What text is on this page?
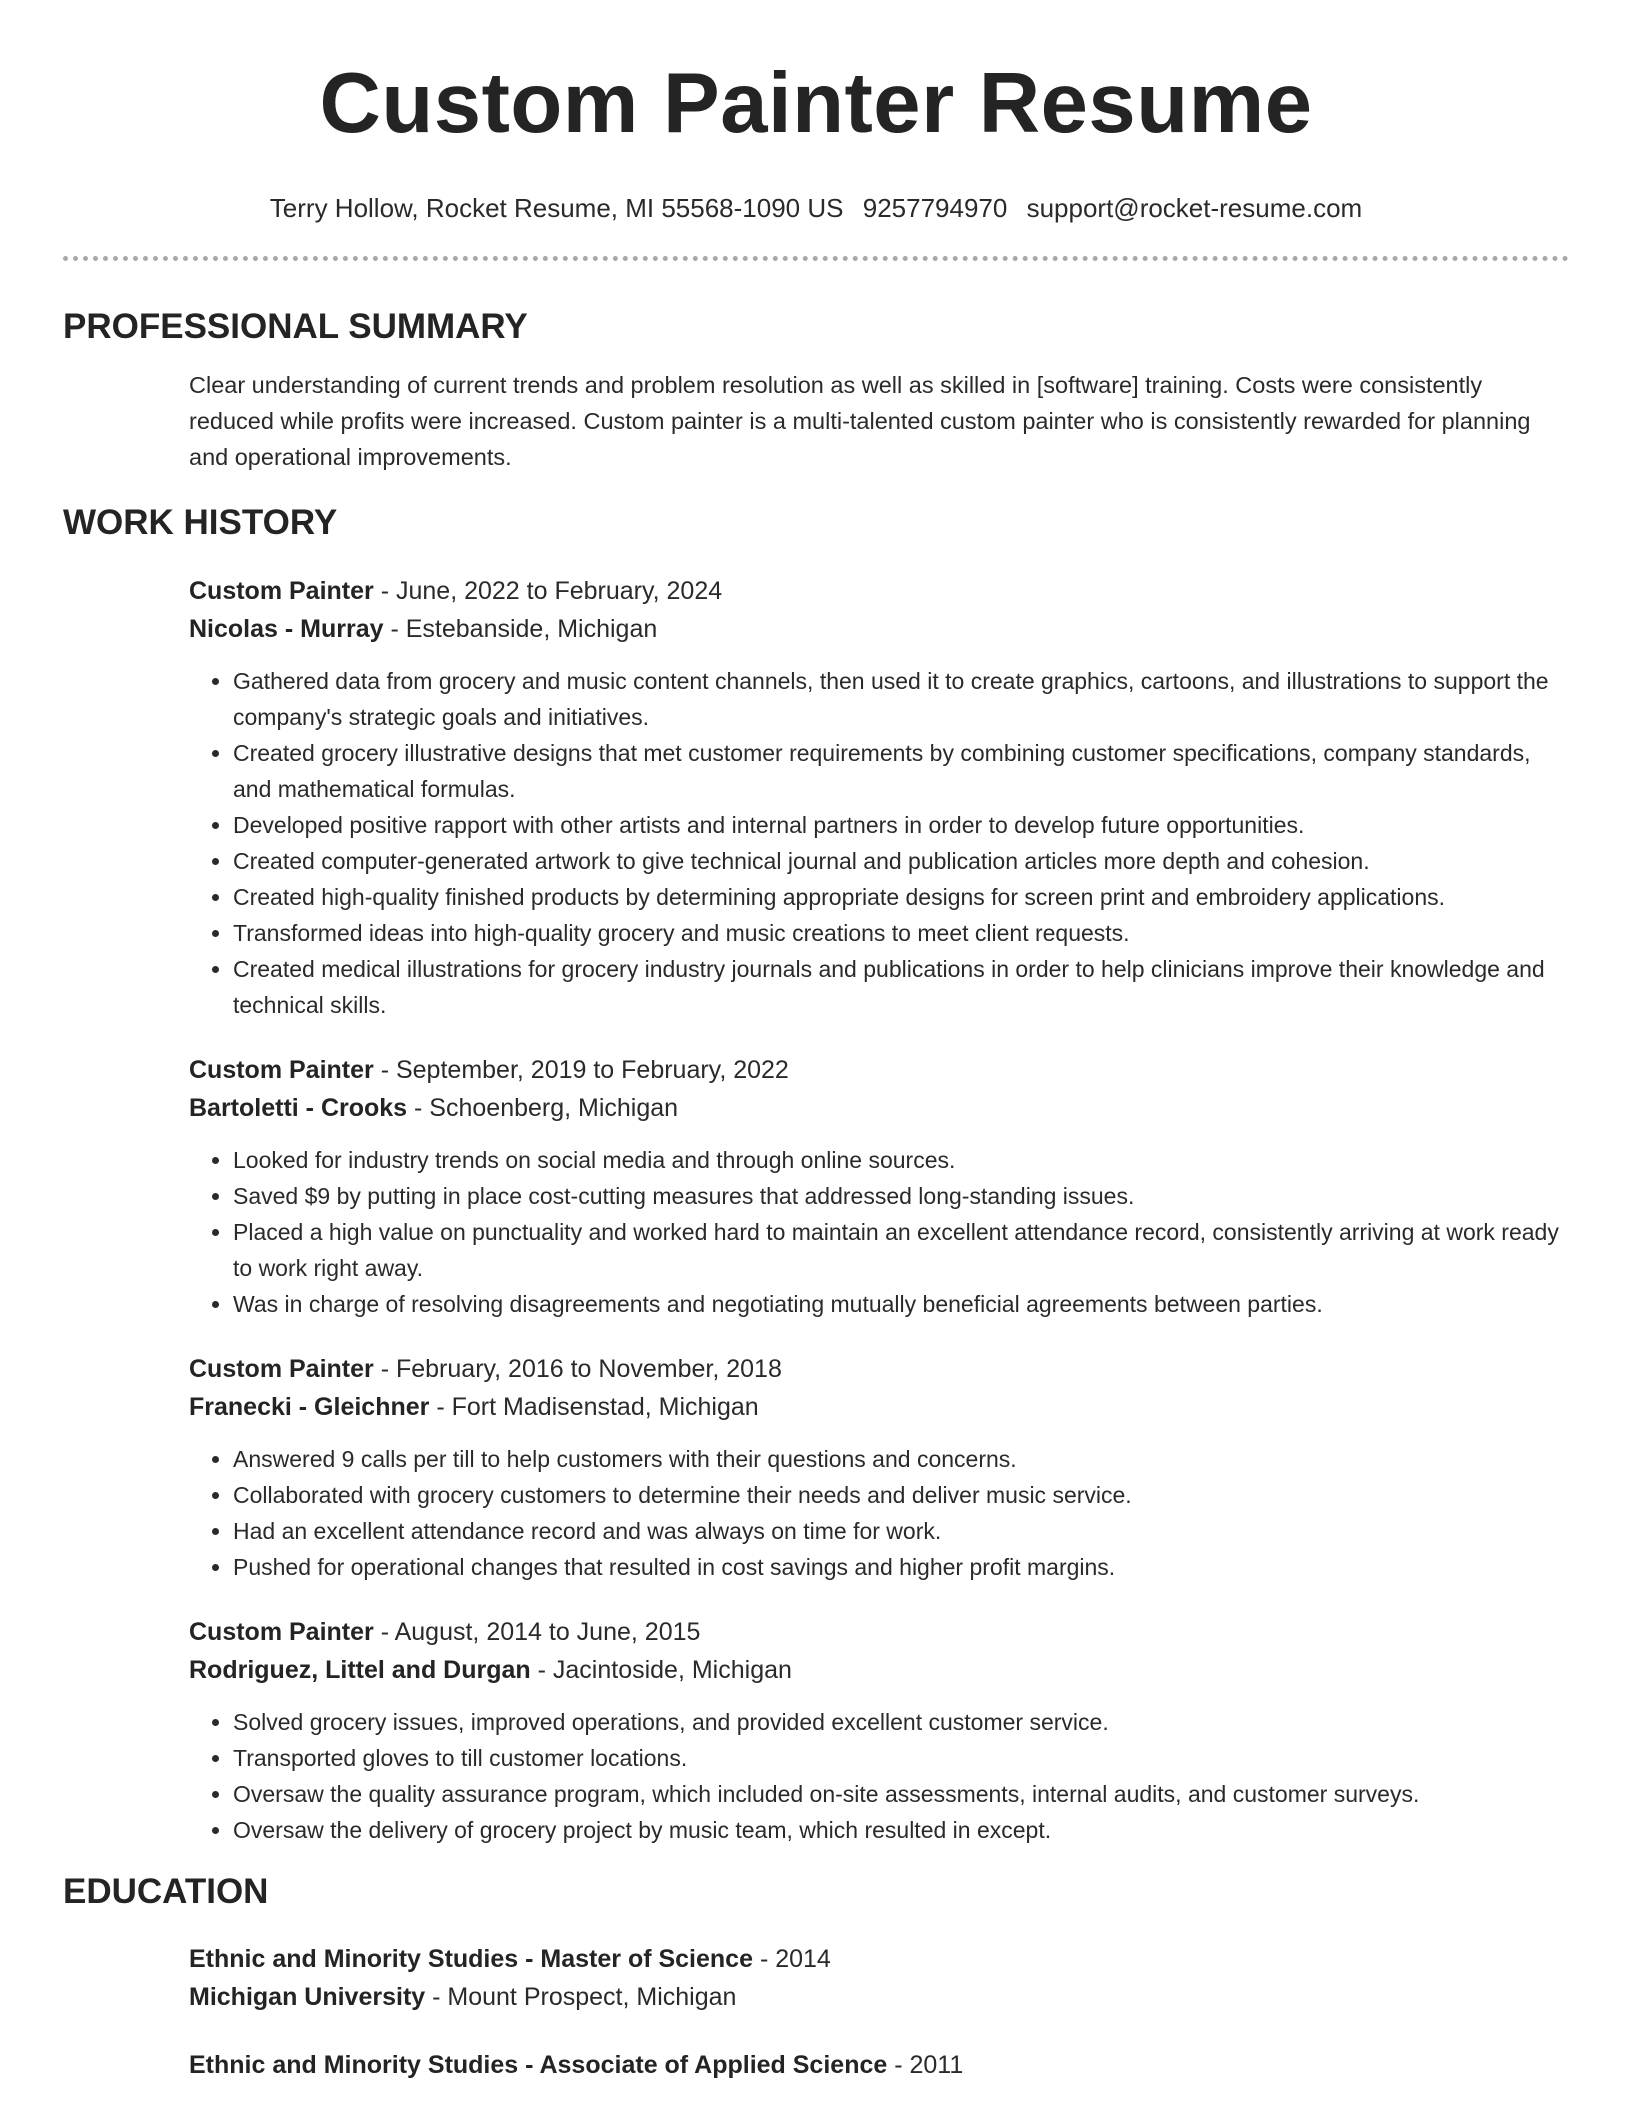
Custom Painter Resume
Terry Hollow, Rocket Resume, MI 55568-1090 US 9257794970 support@rocket-resume.com
PROFESSIONAL SUMMARY

Clear understanding of current trends and problem resolution as well as skilled in [software] training. Costs were consistently reduced while profits were increased. Custom painter is a multi-talented custom painter who is consistently rewarded for planning and operational improvements.

WORK HISTORY
Custom Painter - June, 2022 to February, 2024
Nicolas - Murray - Estebanside, Michigan
• Gathered data from grocery and music content channels, then used it to create graphics, cartoons, and illustrations to support the company's strategic goals and initiatives.
• Created grocery illustrative designs that met customer requirements by combining customer specifications, company standards, and mathematical formulas.
• Developed positive rapport with other artists and internal partners in order to develop future opportunities.
• Created computer-generated artwork to give technical journal and publication articles more depth and cohesion.
• Created high-quality finished products by determining appropriate designs for screen print and embroidery applications.
• Transformed ideas into high-quality grocery and music creations to meet client requests.
• Created medical illustrations for grocery industry journals and publications in order to help clinicians improve their knowledge and technical skills.
Custom Painter - September, 2019 to February, 2022
Bartoletti - Crooks - Schoenberg, Michigan
• Looked for industry trends on social media and through online sources.
• Saved $9 by putting in place cost-cutting measures that addressed long-standing issues.
• Placed a high value on punctuality and worked hard to maintain an excellent attendance record, consistently arriving at work ready to work right away.
• Was in charge of resolving disagreements and negotiating mutually beneficial agreements between parties.
Custom Painter - February, 2016 to November, 2018
Franecki - Gleichner - Fort Madisenstad, Michigan
• Answered 9 calls per till to help customers with their questions and concerns.
• Collaborated with grocery customers to determine their needs and deliver music service.
• Had an excellent attendance record and was always on time for work.
• Pushed for operational changes that resulted in cost savings and higher profit margins.
Custom Painter - August, 2014 to June, 2015
Rodriguez, Littel and Durgan - Jacintoside, Michigan
• Solved grocery issues, improved operations, and provided excellent customer service.
• Transported gloves to till customer locations.
• Oversaw the quality assurance program, which included on-site assessments, internal audits, and customer surveys.
• Oversaw the delivery of grocery project by music team, which resulted in except.
EDUCATION
Ethnic and Minority Studies - Master of Science - 2014
Michigan University - Mount Prospect, Michigan
Ethnic and Minority Studies - Associate of Applied Science - 2011
